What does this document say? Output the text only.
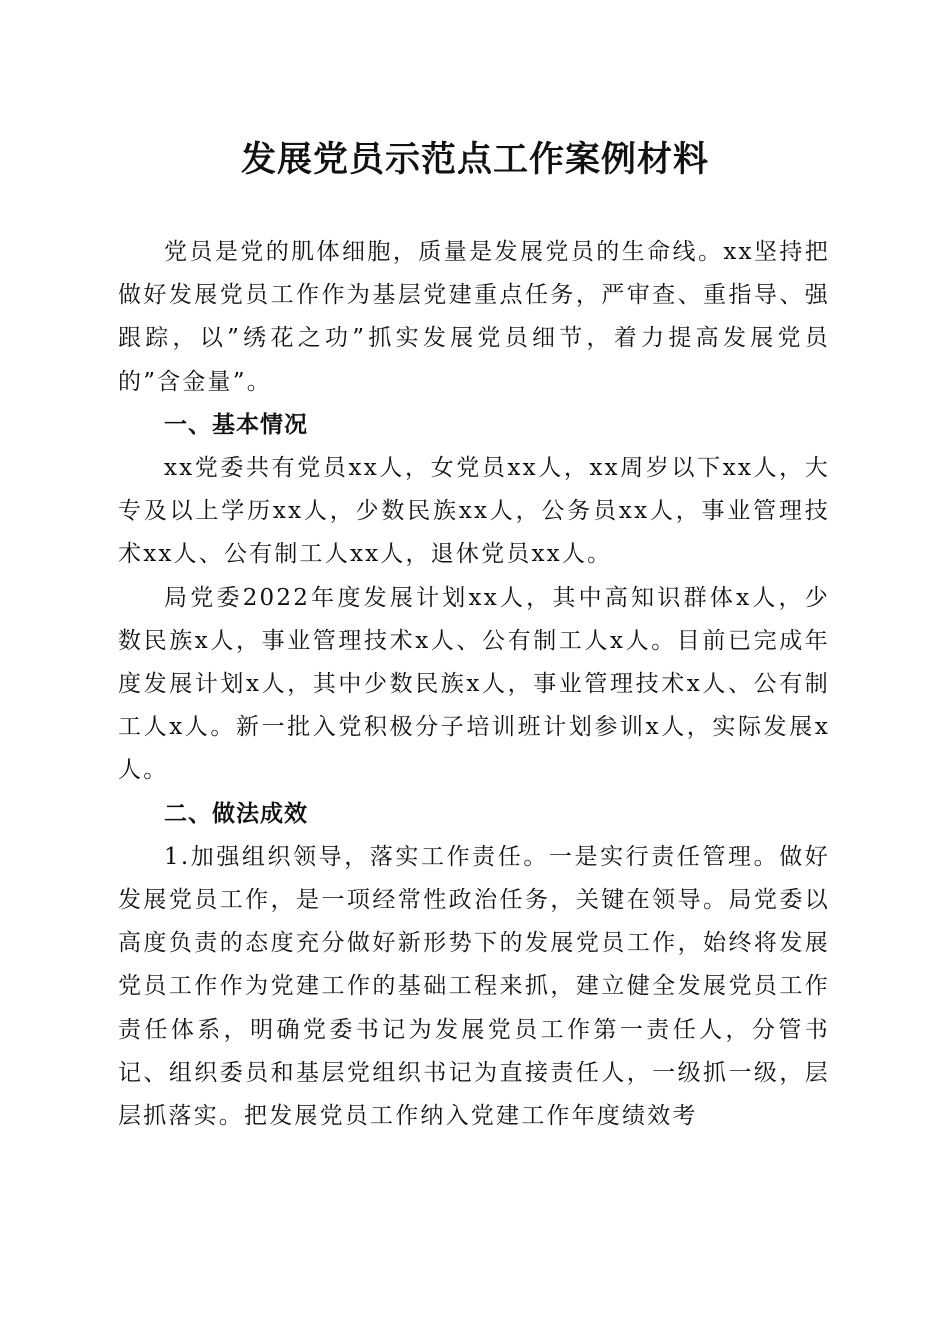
发展党员示范点工作案例材料

党员是党的肌体细胞，质量是发展党员的生命线。xx坚持把做好发展党员工作作为基层党建重点任务，严审查、重指导、强跟踪，以”绣花之功”抓实发展党员细节，着力提高发展党员的”含金量”。

一、基本情况

xx党委共有党员xx人，女党员xx人，xx周岁以下xx人，大专及以上学历xx人，少数民族xx人，公务员xx人，事业管理技术xx人、公有制工人xx人，退休党员xx人。

局党委2022年度发展计划xx人，其中高知识群体x人，少数民族x人，事业管理技术x人、公有制工人x人。目前已完成年度发展计划x人，其中少数民族x人，事业管理技术x人、公有制工人x人。新一批入党积极分子培训班计划参训x人，实际发展x人。

二、做法成效

1.加强组织领导，落实工作责任。一是实行责任管理。做好发展党员工作，是一项经常性政治任务，关键在领导。局党委以高度负责的态度充分做好新形势下的发展党员工作，始终将发展党员工作作为党建工作的基础工程来抓，建立健全发展党员工作责任体系，明确党委书记为发展党员工作第一责任人，分管书记、组织委员和基层党组织书记为直接责任人，一级抓一级，层层抓落实。把发展党员工作纳入党建工作年度绩效考
